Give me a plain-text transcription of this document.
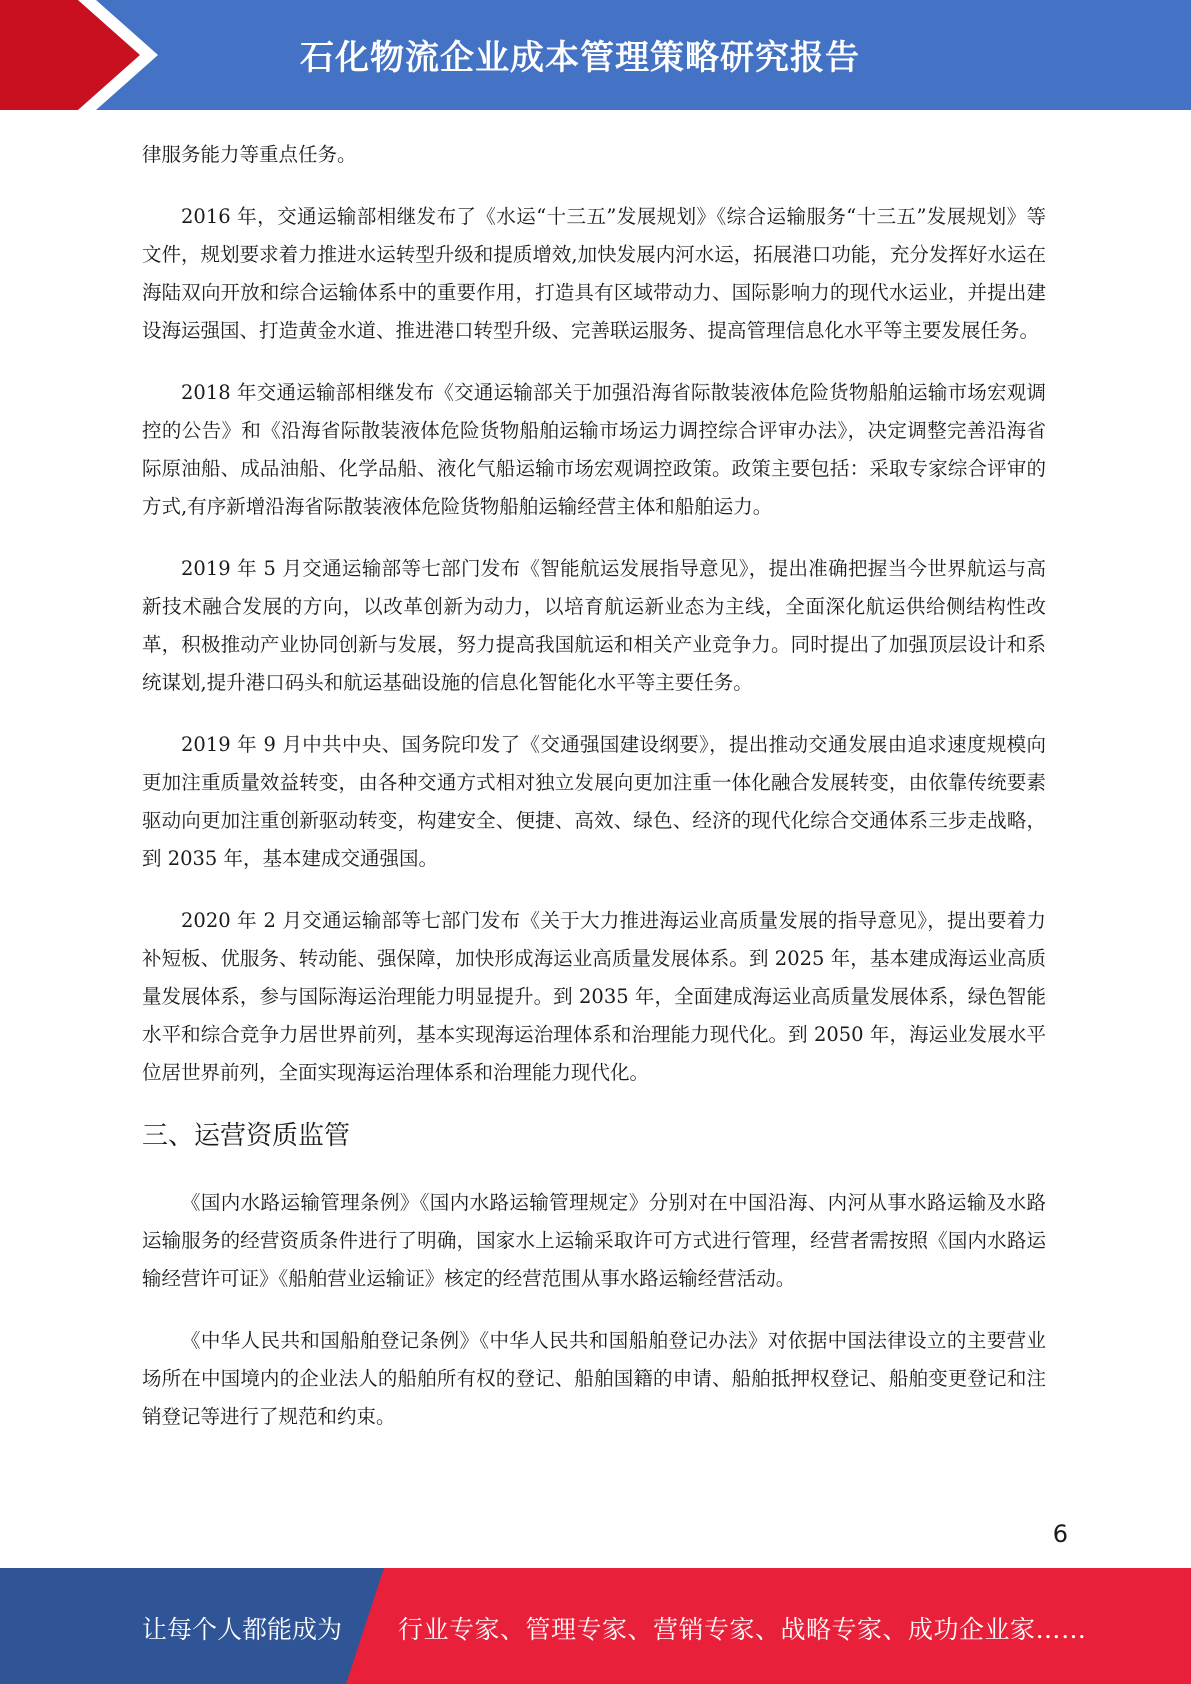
石化物流企业成本管理策略研究报告

律服务能力等重点任务。

2016 年，交通运输部相继发布了《水运“十三五”发展规划》《综合运输服务“十三五”发展规划》等文件，规划要求着力推进水运转型升级和提质增效,加快发展内河水运，拓展港口功能，充分发挥好水运在海陆双向开放和综合运输体系中的重要作用，打造具有区域带动力、国际影响力的现代水运业，并提出建设海运强国、打造黄金水道、推进港口转型升级、完善联运服务、提高管理信息化水平等主要发展任务。

2018 年交通运输部相继发布《交通运输部关于加强沿海省际散装液体危险货物船舶运输市场宏观调控的公告》和《沿海省际散装液体危险货物船舶运输市场运力调控综合评审办法》，决定调整完善沿海省际原油船、成品油船、化学品船、液化气船运输市场宏观调控政策。政策主要包括：采取专家综合评审的方式,有序新增沿海省际散装液体危险货物船舶运输经营主体和船舶运力。

2019 年 5 月交通运输部等七部门发布《智能航运发展指导意见》，提出准确把握当今世界航运与高新技术融合发展的方向，以改革创新为动力，以培育航运新业态为主线，全面深化航运供给侧结构性改革，积极推动产业协同创新与发展，努力提高我国航运和相关产业竞争力。同时提出了加强顶层设计和系统谋划,提升港口码头和航运基础设施的信息化智能化水平等主要任务。

2019 年 9 月中共中央、国务院印发了《交通强国建设纲要》，提出推动交通发展由追求速度规模向更加注重质量效益转变，由各种交通方式相对独立发展向更加注重一体化融合发展转变，由依靠传统要素驱动向更加注重创新驱动转变，构建安全、便捷、高效、绿色、经济的现代化综合交通体系三步走战略，到 2035 年，基本建成交通强国。

2020 年 2 月交通运输部等七部门发布《关于大力推进海运业高质量发展的指导意见》，提出要着力补短板、优服务、转动能、强保障，加快形成海运业高质量发展体系。到 2025 年，基本建成海运业高质量发展体系，参与国际海运治理能力明显提升。到 2035 年，全面建成海运业高质量发展体系，绿色智能水平和综合竞争力居世界前列，基本实现海运治理体系和治理能力现代化。到 2050 年，海运业发展水平位居世界前列，全面实现海运治理体系和治理能力现代化。

三、运营资质监管

《国内水路运输管理条例》《国内水路运输管理规定》分别对在中国沿海、内河从事水路运输及水路运输服务的经营资质条件进行了明确，国家水上运输采取许可方式进行管理，经营者需按照《国内水路运输经营许可证》《船舶营业运输证》核定的经营范围从事水路运输经营活动。

《中华人民共和国船舶登记条例》《中华人民共和国船舶登记办法》对依据中国法律设立的主要营业场所在中国境内的企业法人的船舶所有权的登记、船舶国籍的申请、船舶抵押权登记、船舶变更登记和注销登记等进行了规范和约束。

6
让每个人都能成为 行业专家、管理专家、营销专家、战略专家、成功企业家……
